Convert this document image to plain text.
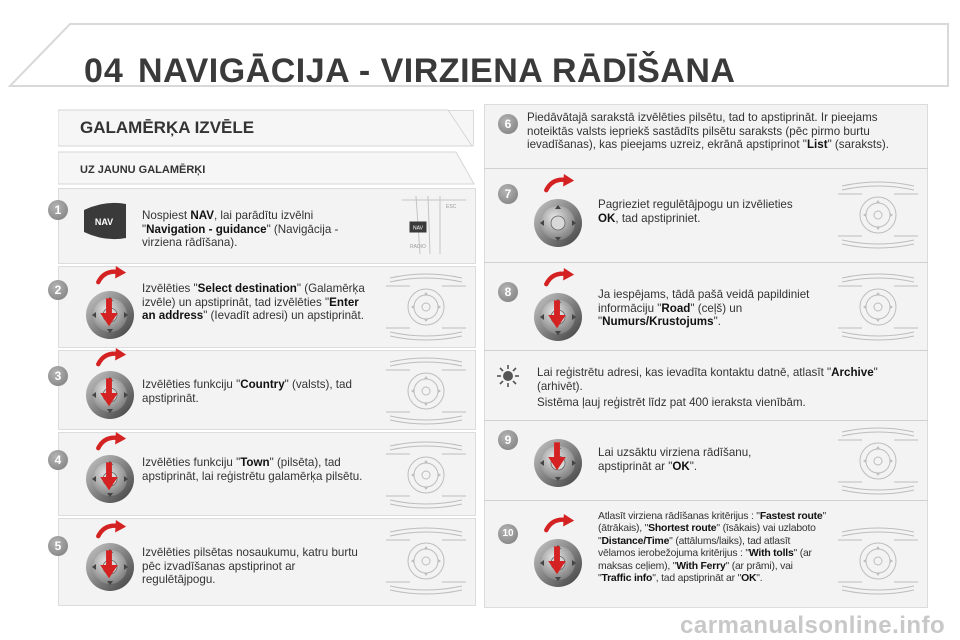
04 NAVIGĀCIJA - VIRZIENA RĀDĪŠANA
GALAMĒRĶA IZVĒLE
UZ JAUNU GALAMĒRĶI
1
NAV Nospiest NAV, lai parādītu izvēlni "Navigation - guidance" (Navigācija - virziena rādīšana).
NAV
ESC
RADIO
2	Izvēlēties "Select destination" (Galamērķa izvēle) un apstiprināt, tad izvēlēties "Enter an address" (Ievadīt adresi) un apstiprināt.
3
Izvēlēties funkciju "Country" (valsts), tad apstiprināt.
4	Izvēlēties funkciju "Town" (pilsēta), tad apstiprināt, lai reģistrētu galamērķa pilsētu.
5	Izvēlēties pilsētas nosaukumu, katru burtu pēc izvadīšanas apstiprinot ar regulētājpogu.
6	Piedāvātajā sarakstā izvēlēties pilsētu, tad to apstiprināt. Ir pieejams noteiktās valsts iepriekš sastādīts pilsētu saraksts (pēc pirmo burtu ievadīšanas), kas pieejams uzreiz, ekrānā apstiprinot "List" (saraksts).
7
Pagrieziet regulētājpogu un izvēlieties OK, tad apstipriniet.
8	Ja iespējams, tādā pašā veidā papildiniet informāciju "Road" (ceļš) un "Numurs/Krustojums".
Lai reģistrētu adresi, kas ievadīta kontaktu datnē, atlasīt "Archive" (arhivēt).
Sistēma ļauj reģistrēt līdz pat 400 ieraksta vienībām.
9
Lai uzsāktu virziena rādīšanu, apstiprināt ar "OK".
10
Atlasīt virziena rādīšanas kritērijus : "Fastest route" (ātrākais), "Shortest route" (īsākais) vai uzlaboto "Distance/Time" (attālums/laiks), tad atlasīt vēlamos ierobežojuma kritērijus : "With tolls" (ar maksas ceļiem), "With Ferry" (ar prāmi), vai "Traffic info", tad apstiprināt ar "OK".
carmanualsonline.info
